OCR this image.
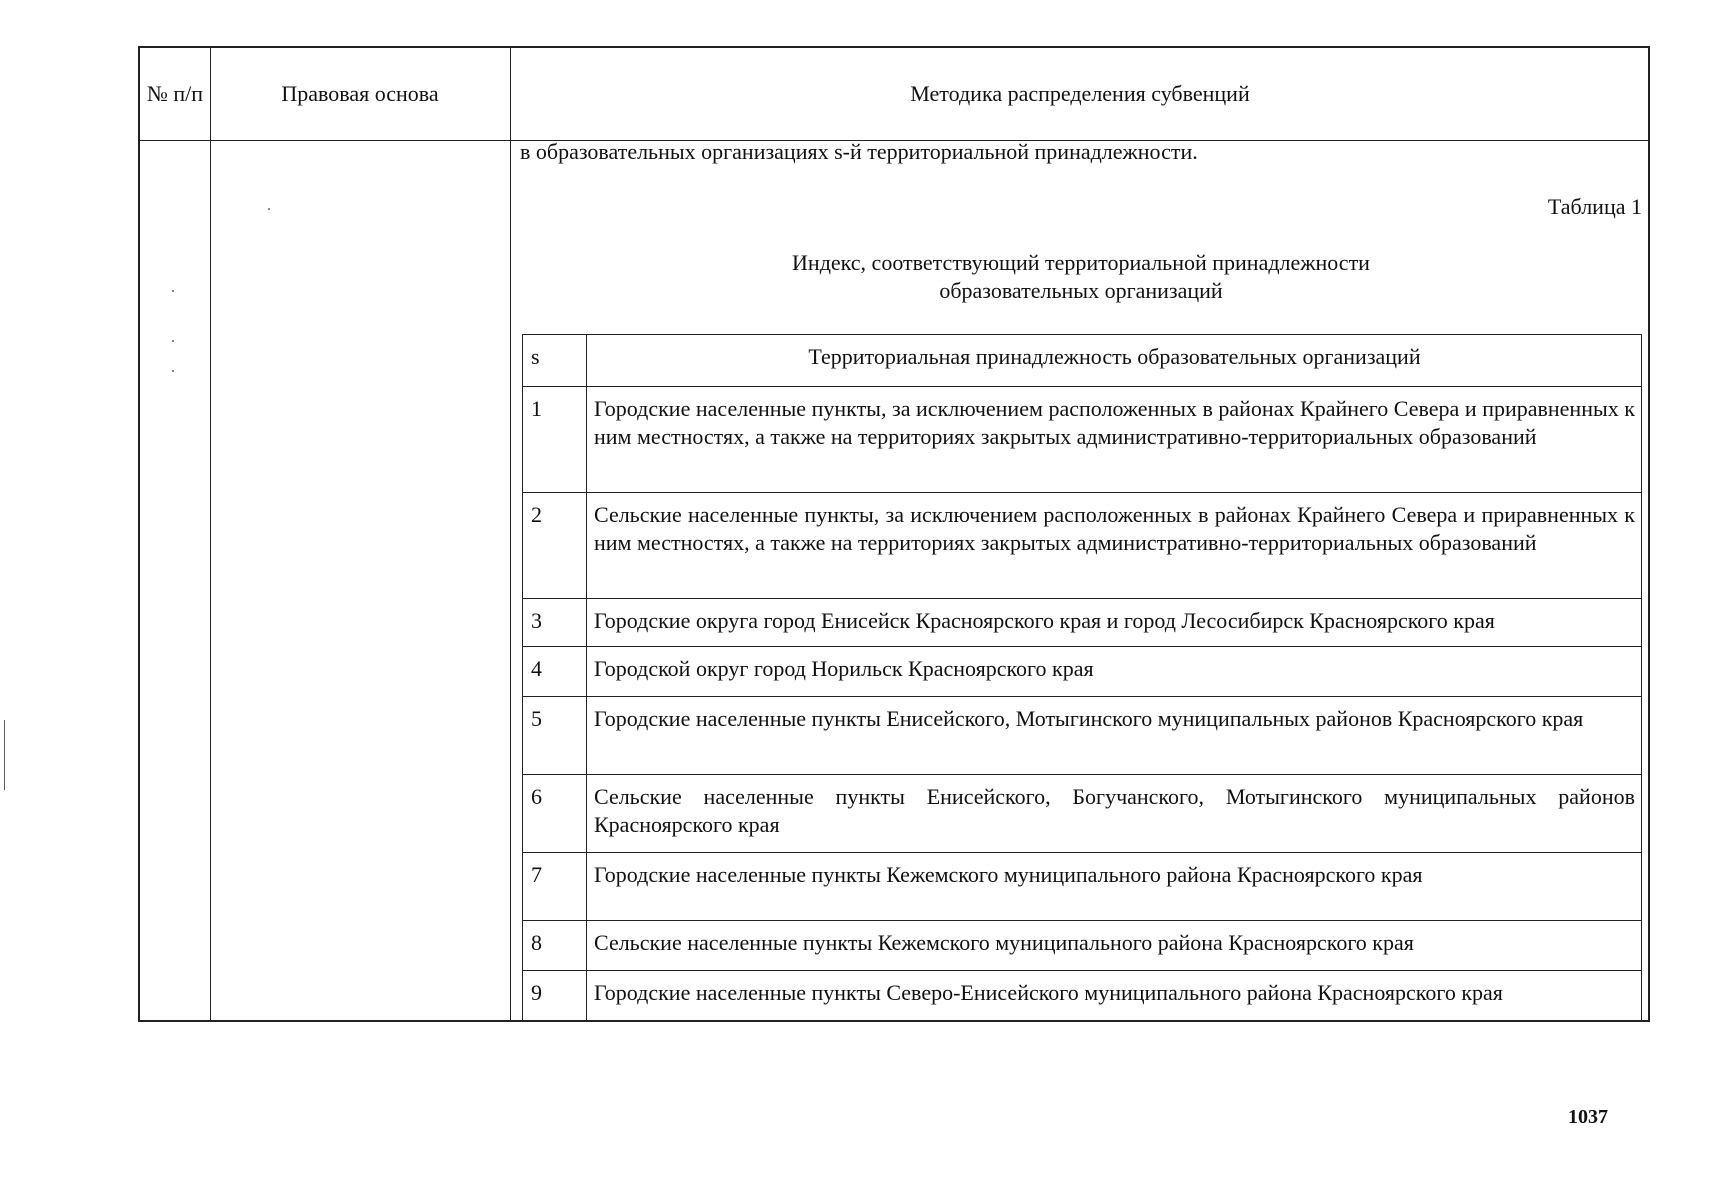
№ п/п	Правовая основа	Методика распределения субвенций
в образовательных организациях s-й территориальной принадлежности.
Таблица 1
Индекс, соответствующий территориальной принадлежности
образовательных организаций
s	Территориальная принадлежность образовательных организаций
1	Городские населенные пункты, за исключением расположенных в районах Крайнего Севера и приравненных к ним местностях, а также на территориях закрытых административно-территориальных образований
2	Сельские населенные пункты, за исключением расположенных в районах Крайнего Севера и приравненных к ним местностях, а также на территориях закрытых административно-территориальных образований
3	Городские округа город Енисейск Красноярского края и город Лесосибирск Красноярского края
4	Городской округ город Норильск Красноярского края
5	Городские населенные пункты Енисейского, Мотыгинского муниципальных районов Красноярского края
6	Сельские населенные пункты Енисейского, Богучанского, Мотыгинского муниципальных районов Красноярского края
7	Городские населенные пункты Кежемского муниципального района Красноярского края
8	Сельские населенные пункты Кежемского муниципального района Красноярского края
9	Городские населенные пункты Северо-Енисейского муниципального района Красноярского края
1037
